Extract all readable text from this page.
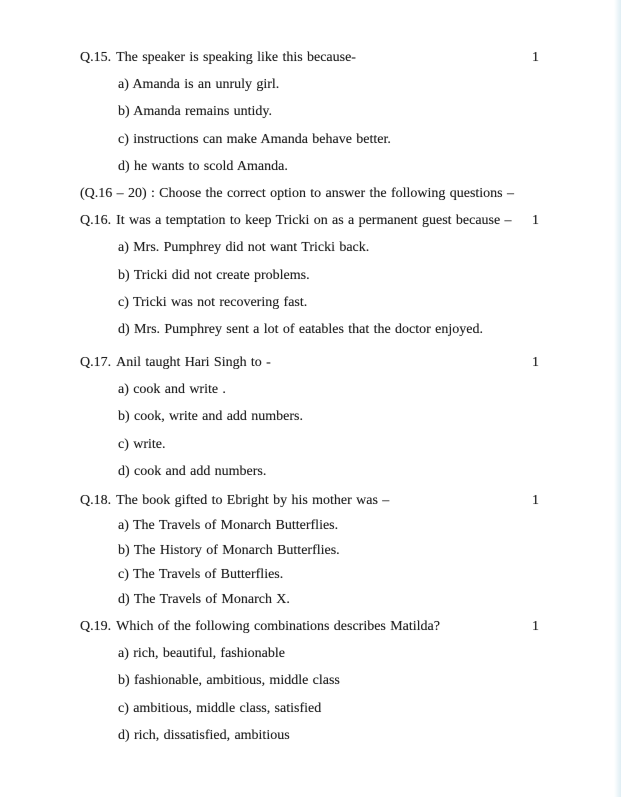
Q.15. The speaker is speaking like this because-	1
a) Amanda is an unruly girl.
b) Amanda remains untidy.
c) instructions can make Amanda behave better.
d) he wants to scold Amanda.
(Q.16 – 20) : Choose the correct option to answer the following questions –
Q.16. It was a temptation to keep Tricki on as a permanent guest because – 1
a) Mrs. Pumphrey did not want Tricki back.
b) Tricki did not create problems.
c) Tricki was not recovering fast.
d) Mrs. Pumphrey sent a lot of eatables that the doctor enjoyed.
Q.17. Anil taught Hari Singh to -	1
a) cook and write .
b) cook, write and add numbers.
c) write.
d) cook and add numbers.
Q.18. The book gifted to Ebright by his mother was –	1
a) The Travels of Monarch Butterflies.
b) The History of Monarch Butterflies.
c) The Travels of Butterflies.
d) The Travels of Monarch X.
Q.19. Which of the following combinations describes Matilda?	1
a) rich, beautiful, fashionable
b) fashionable, ambitious, middle class
c) ambitious, middle class, satisfied
d) rich, dissatisfied, ambitious
